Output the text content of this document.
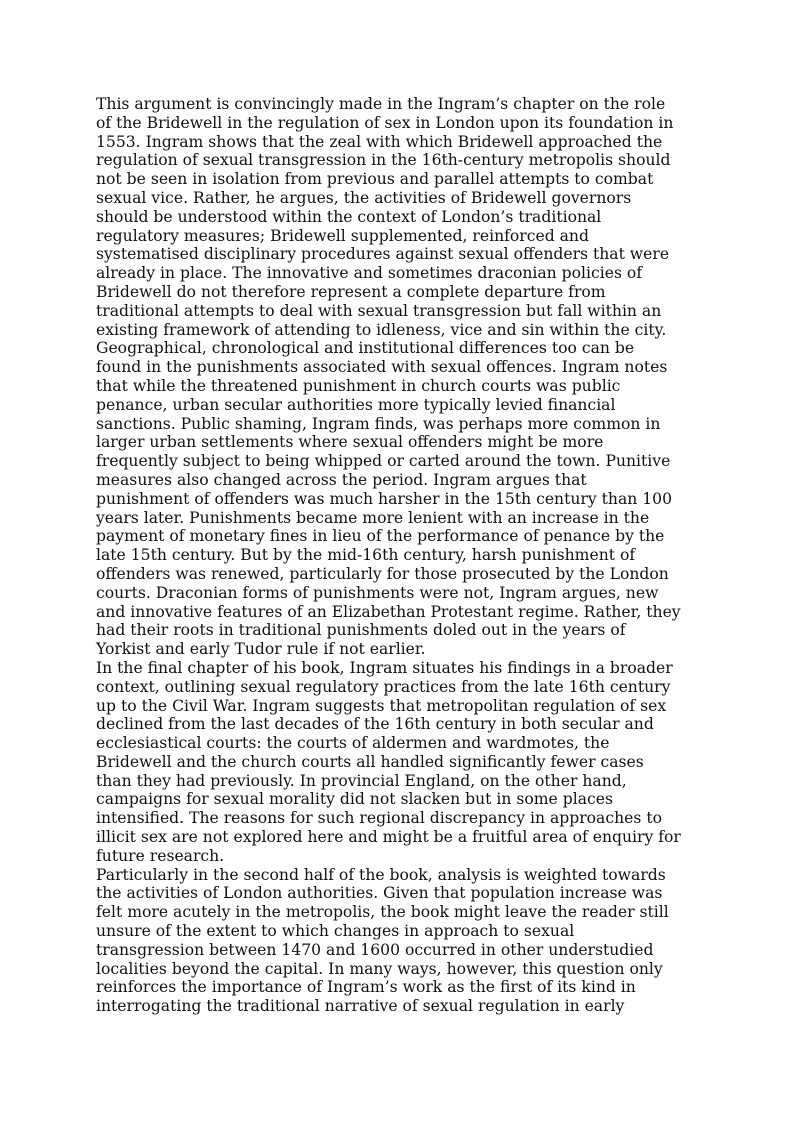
This argument is convincingly made in the Ingram’s chapter on the role
of the Bridewell in the regulation of sex in London upon its foundation in
1553. Ingram shows that the zeal with which Bridewell approached the
regulation of sexual transgression in the 16th-century metropolis should
not be seen in isolation from previous and parallel attempts to combat
sexual vice. Rather, he argues, the activities of Bridewell governors
should be understood within the context of London’s traditional
regulatory measures; Bridewell supplemented, reinforced and
systematised disciplinary procedures against sexual offenders that were
already in place. The innovative and sometimes draconian policies of
Bridewell do not therefore represent a complete departure from
traditional attempts to deal with sexual transgression but fall within an
existing framework of attending to idleness, vice and sin within the city.
Geographical, chronological and institutional differences too can be
found in the punishments associated with sexual offences. Ingram notes
that while the threatened punishment in church courts was public
penance, urban secular authorities more typically levied financial
sanctions. Public shaming, Ingram finds, was perhaps more common in
larger urban settlements where sexual offenders might be more
frequently subject to being whipped or carted around the town. Punitive
measures also changed across the period. Ingram argues that
punishment of offenders was much harsher in the 15th century than 100
years later. Punishments became more lenient with an increase in the
payment of monetary fines in lieu of the performance of penance by the
late 15th century. But by the mid-16th century, harsh punishment of
offenders was renewed, particularly for those prosecuted by the London
courts. Draconian forms of punishments were not, Ingram argues, new
and innovative features of an Elizabethan Protestant regime. Rather, they
had their roots in traditional punishments doled out in the years of
Yorkist and early Tudor rule if not earlier.

In the final chapter of his book, Ingram situates his findings in a broader
context, outlining sexual regulatory practices from the late 16th century
up to the Civil War. Ingram suggests that metropolitan regulation of sex
declined from the last decades of the 16th century in both secular and
ecclesiastical courts: the courts of aldermen and wardmotes, the
Bridewell and the church courts all handled significantly fewer cases
than they had previously. In provincial England, on the other hand,
campaigns for sexual morality did not slacken but in some places
intensified. The reasons for such regional discrepancy in approaches to
illicit sex are not explored here and might be a fruitful area of enquiry for
future research.

Particularly in the second half of the book, analysis is weighted towards
the activities of London authorities. Given that population increase was
felt more acutely in the metropolis, the book might leave the reader still
unsure of the extent to which changes in approach to sexual
transgression between 1470 and 1600 occurred in other understudied
localities beyond the capital. In many ways, however, this question only
reinforces the importance of Ingram’s work as the first of its kind in
interrogating the traditional narrative of sexual regulation in early
